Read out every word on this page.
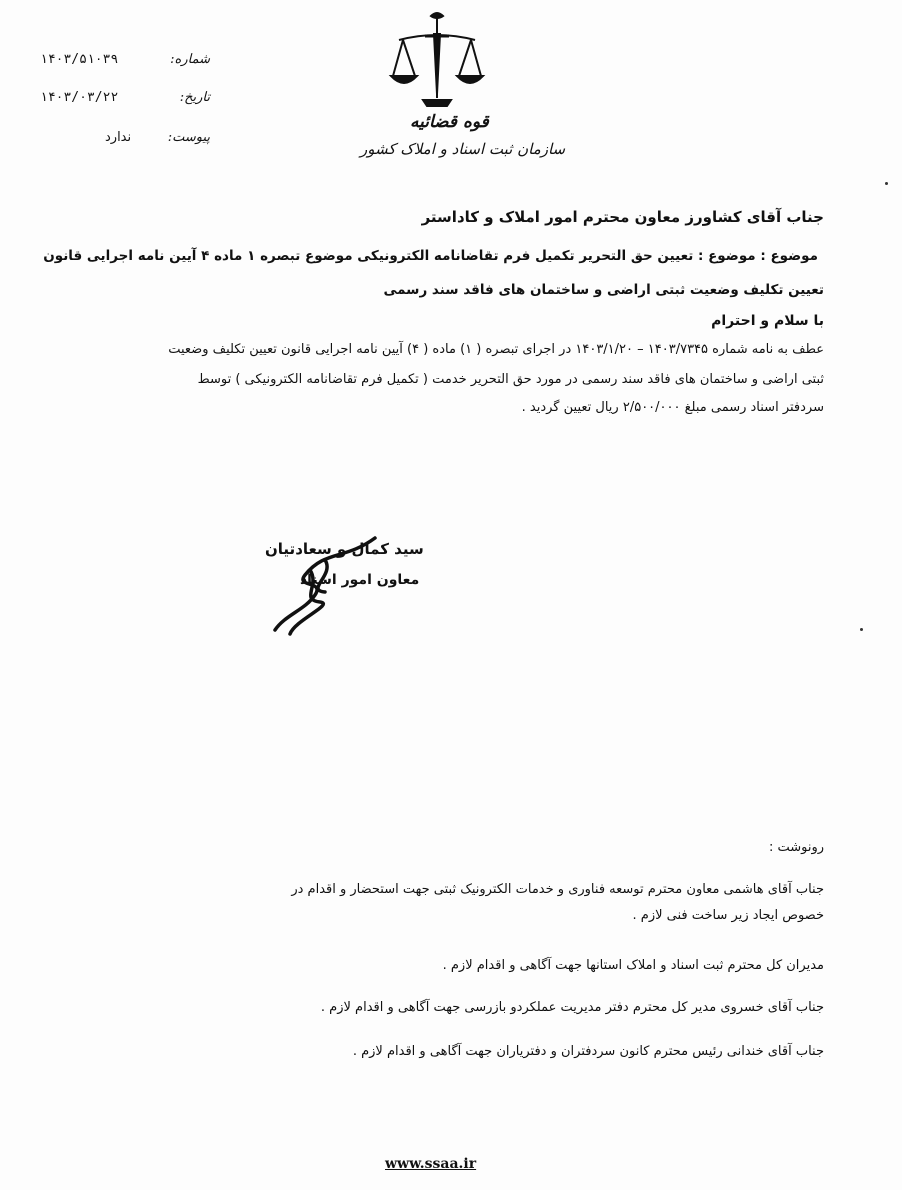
شماره:
۱۴۰۳/۵۱۰۳۹
تاریخ:
۱۴۰۳/۰۳/۲۲
پیوست:
ندارد
قوه قضائیه
سازمان ثبت اسناد و املاک کشور
جناب آقای کشاورز معاون محترم امور املاک و کاداستر
موضوع : موضوع : تعیین حق التحریر تکمیل فرم تقاضانامه الکترونیکی موضوع تبصره ۱ ماده ۴ آیین نامه اجرایی قانون
تعیین تکلیف وضعیت ثبتی اراضی و ساختمان های فاقد سند رسمی
با سلام و احترام
عطف به نامه شماره ۱۴۰۳/۷۳۴۵ – ۱۴۰۳/۱/۲۰ در اجرای تبصره ( ۱) ماده ( ۴) آیین نامه اجرایی قانون تعیین تکلیف وضعیت
ثبتی اراضی و ساختمان های فاقد سند رسمی در مورد حق التحریر خدمت ( تکمیل فرم تقاضانامه الکترونیکی ) توسط
سردفتر اسناد رسمی مبلغ ۲/۵۰۰/۰۰۰ ریال تعیین گردید .
سید کمال و سعادتیان
معاون امور اسناد
رونوشت :
جناب آقای هاشمی معاون محترم توسعه فناوری و خدمات الکترونیک ثبتی جهت استحضار و اقدام در
خصوص ایجاد زیر ساخت فنی لازم .
مدیران کل محترم ثبت اسناد و املاک استانها جهت آگاهی و اقدام لازم .
جناب آقای خسروی مدیر کل محترم دفتر مدیریت عملکردو بازرسی جهت آگاهی و اقدام لازم .
جناب آقای خندانی رئیس محترم کانون سردفتران و دفتریاران جهت آگاهی و اقدام لازم .
www.ssaa.ir
